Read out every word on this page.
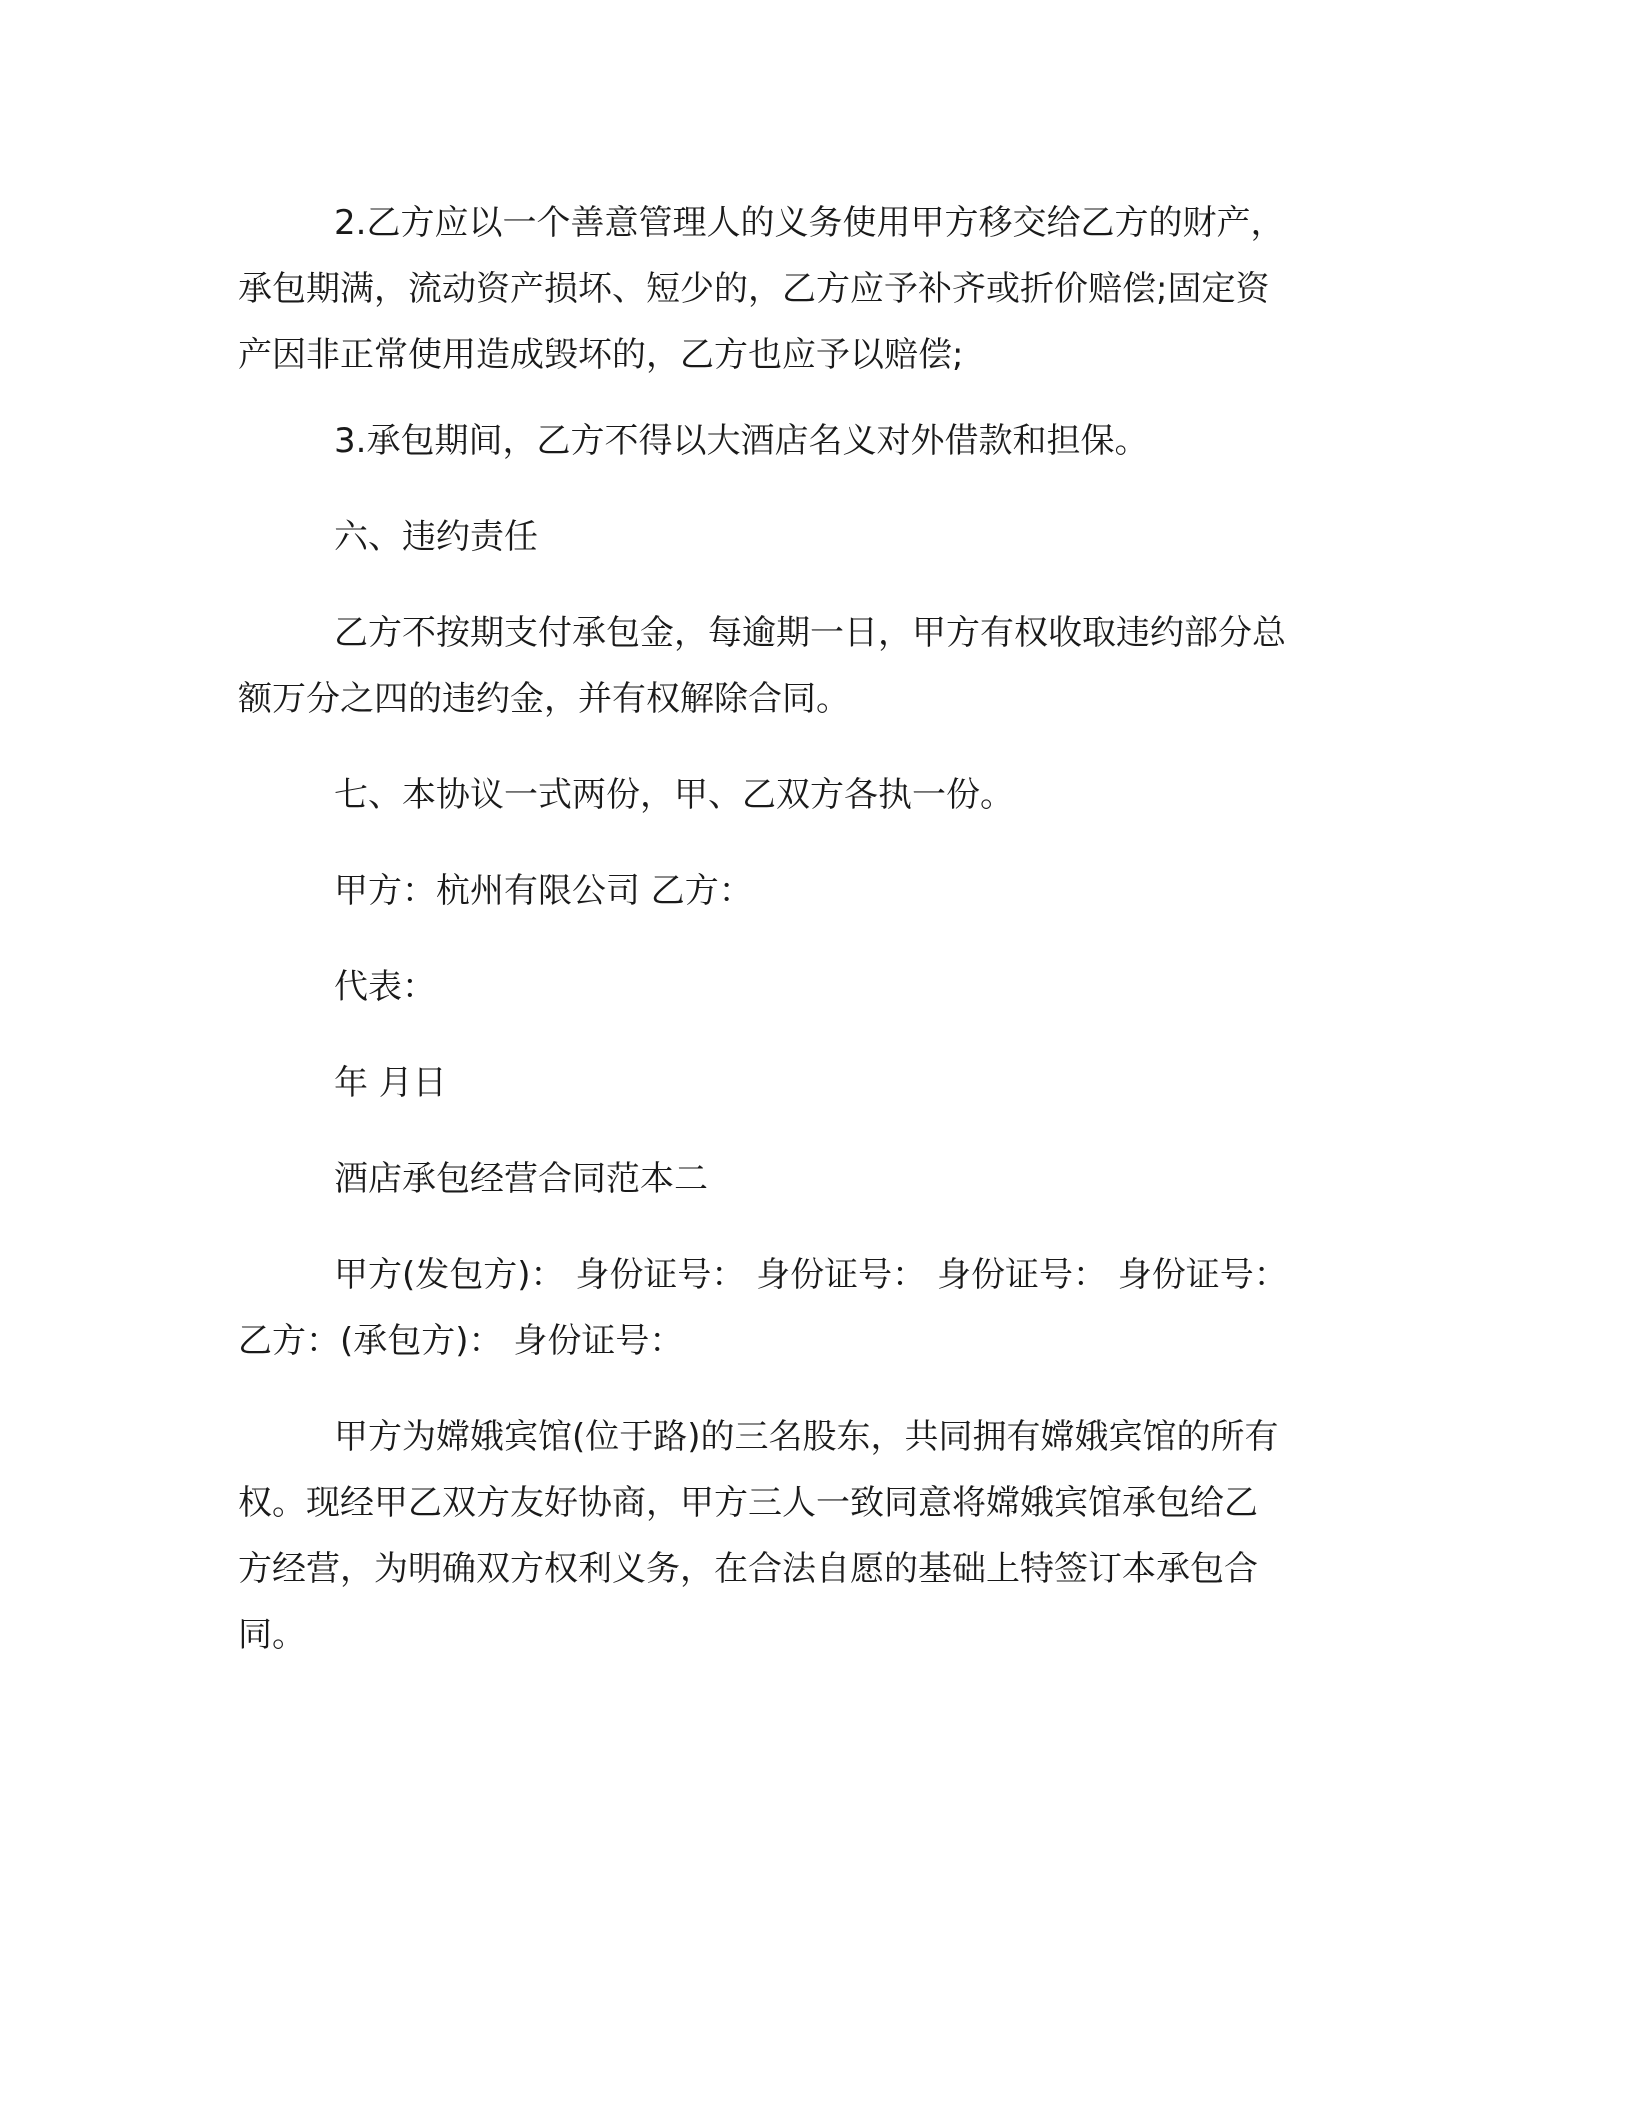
2.乙方应以一个善意管理人的义务使用甲方移交给乙方的财产，
承包期满，流动资产损坏、短少的，乙方应予补齐或折价赔偿;固定资
产因非正常使用造成毁坏的，乙方也应予以赔偿;
3.承包期间，乙方不得以大酒店名义对外借款和担保。
六、违约责任
乙方不按期支付承包金，每逾期一日，甲方有权收取违约部分总
额万分之四的违约金，并有权解除合同。
七、本协议一式两份，甲、乙双方各执一份。
甲方：杭州有限公司 乙方：
代表：
年 月日
酒店承包经营合同范本二
甲方(发包方)： 身份证号： 身份证号： 身份证号： 身份证号：
乙方：(承包方)： 身份证号：
甲方为嫦娥宾馆(位于路)的三名股东，共同拥有嫦娥宾馆的所有
权。现经甲乙双方友好协商，甲方三人一致同意将嫦娥宾馆承包给乙
方经营，为明确双方权利义务，在合法自愿的基础上特签订本承包合
同。
